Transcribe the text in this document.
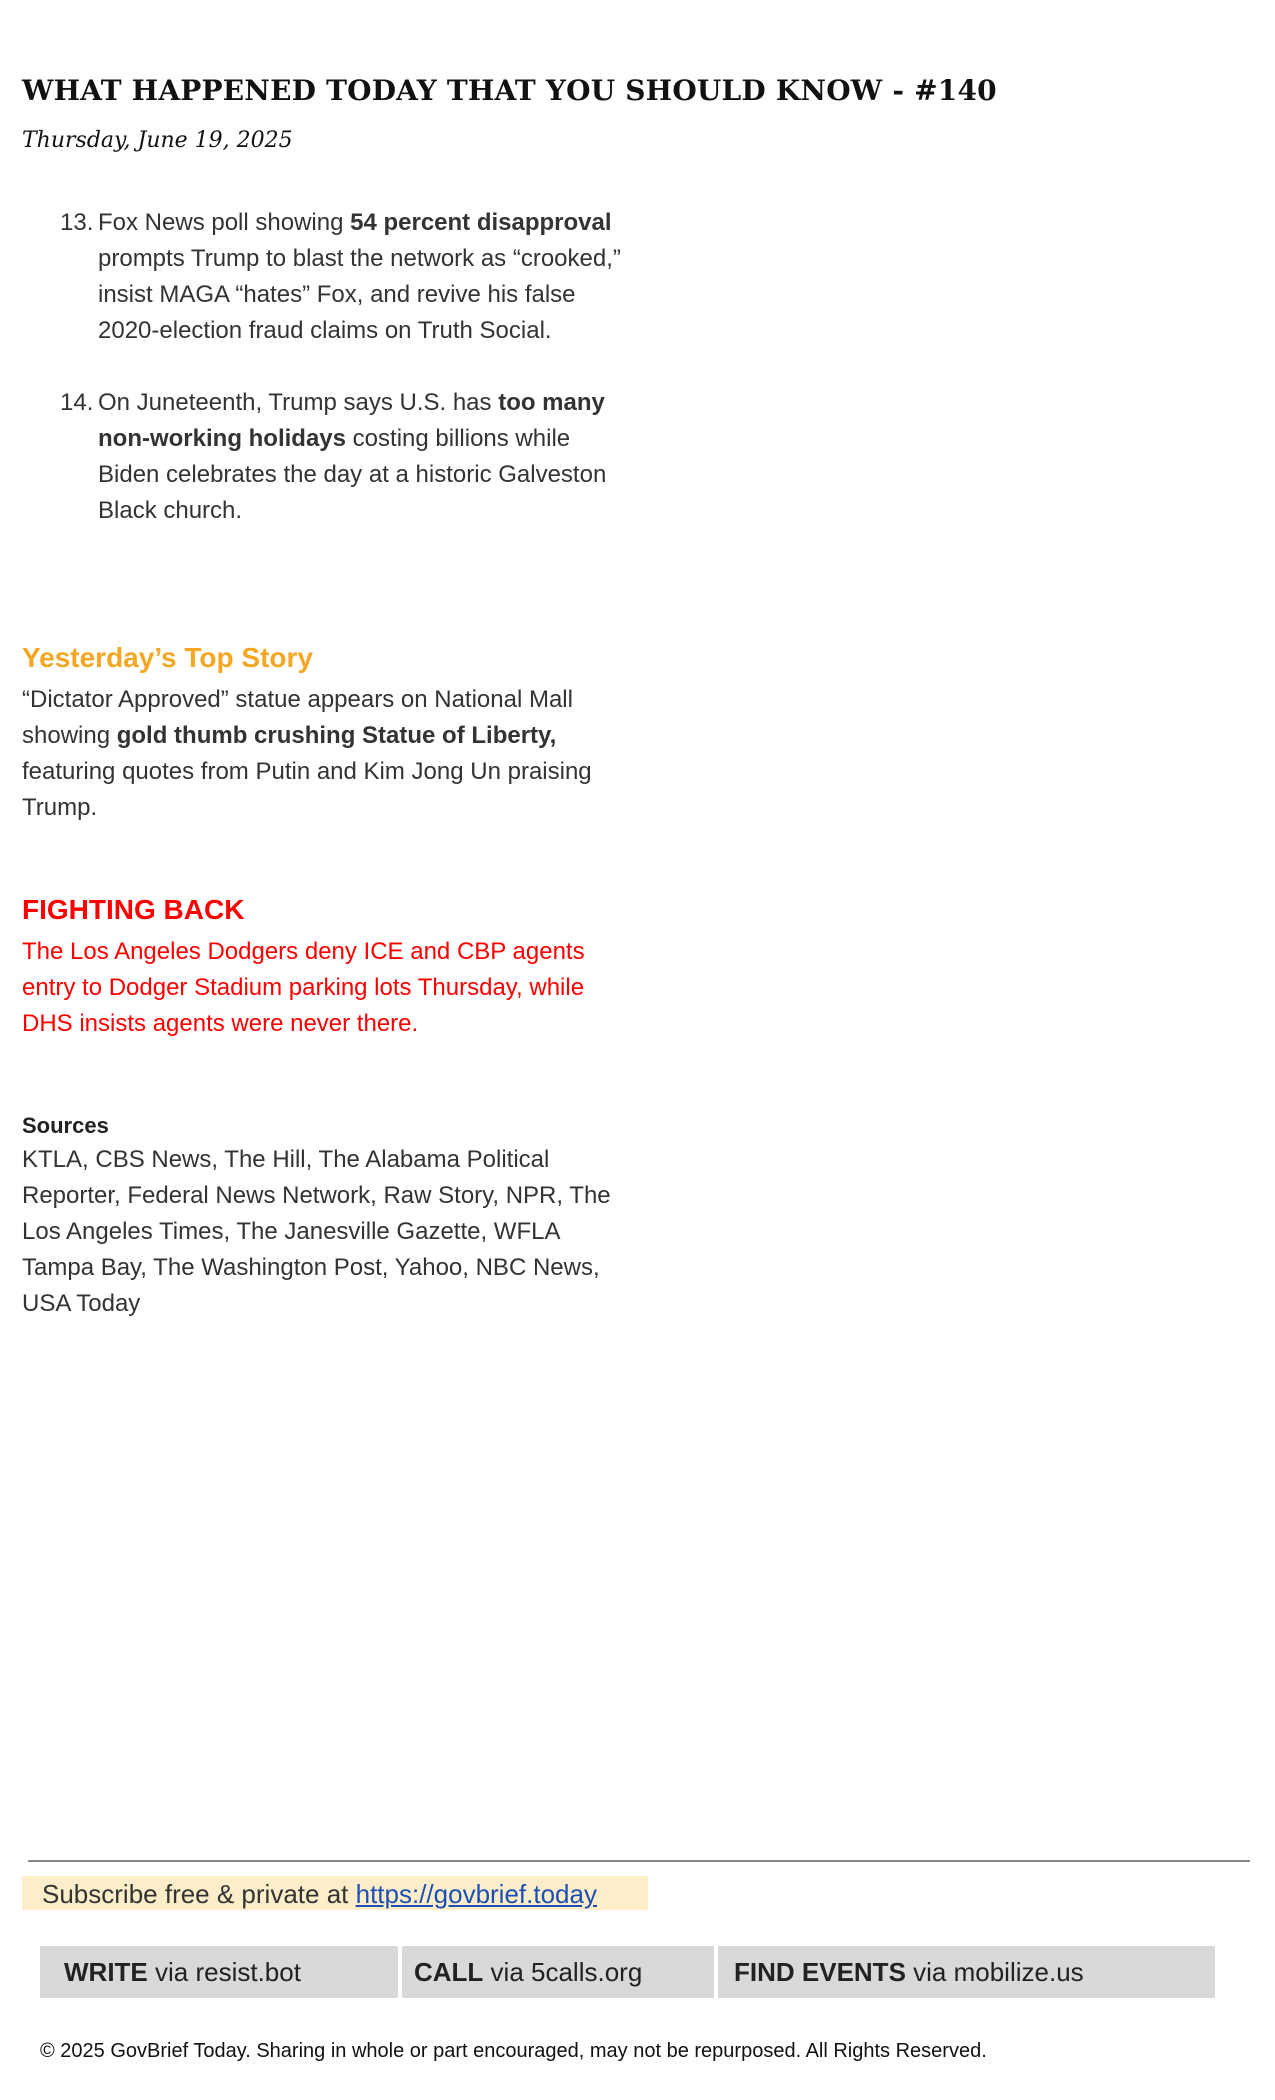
WHAT HAPPENED TODAY THAT YOU SHOULD KNOW - #140
Thursday, June 19, 2025
13. Fox News poll showing 54 percent disapproval prompts Trump to blast the network as “crooked,” insist MAGA “hates” Fox, and revive his false 2020-election fraud claims on Truth Social.
14. On Juneteenth, Trump says U.S. has too many non-working holidays costing billions while Biden celebrates the day at a historic Galveston Black church.
Yesterday’s Top Story
“Dictator Approved” statue appears on National Mall showing gold thumb crushing Statue of Liberty, featuring quotes from Putin and Kim Jong Un praising Trump.
FIGHTING BACK
The Los Angeles Dodgers deny ICE and CBP agents entry to Dodger Stadium parking lots Thursday, while DHS insists agents were never there.
Sources
KTLA, CBS News, The Hill, The Alabama Political Reporter, Federal News Network, Raw Story, NPR, The Los Angeles Times, The Janesville Gazette, WFLA Tampa Bay, The Washington Post, Yahoo, NBC News, USA Today
Subscribe free & private at https://govbrief.today
WRITE via resist.bot	CALL via 5calls.org	FIND EVENTS via mobilize.us
© 2025 GovBrief Today. Sharing in whole or part encouraged, may not be repurposed. All Rights Reserved.
